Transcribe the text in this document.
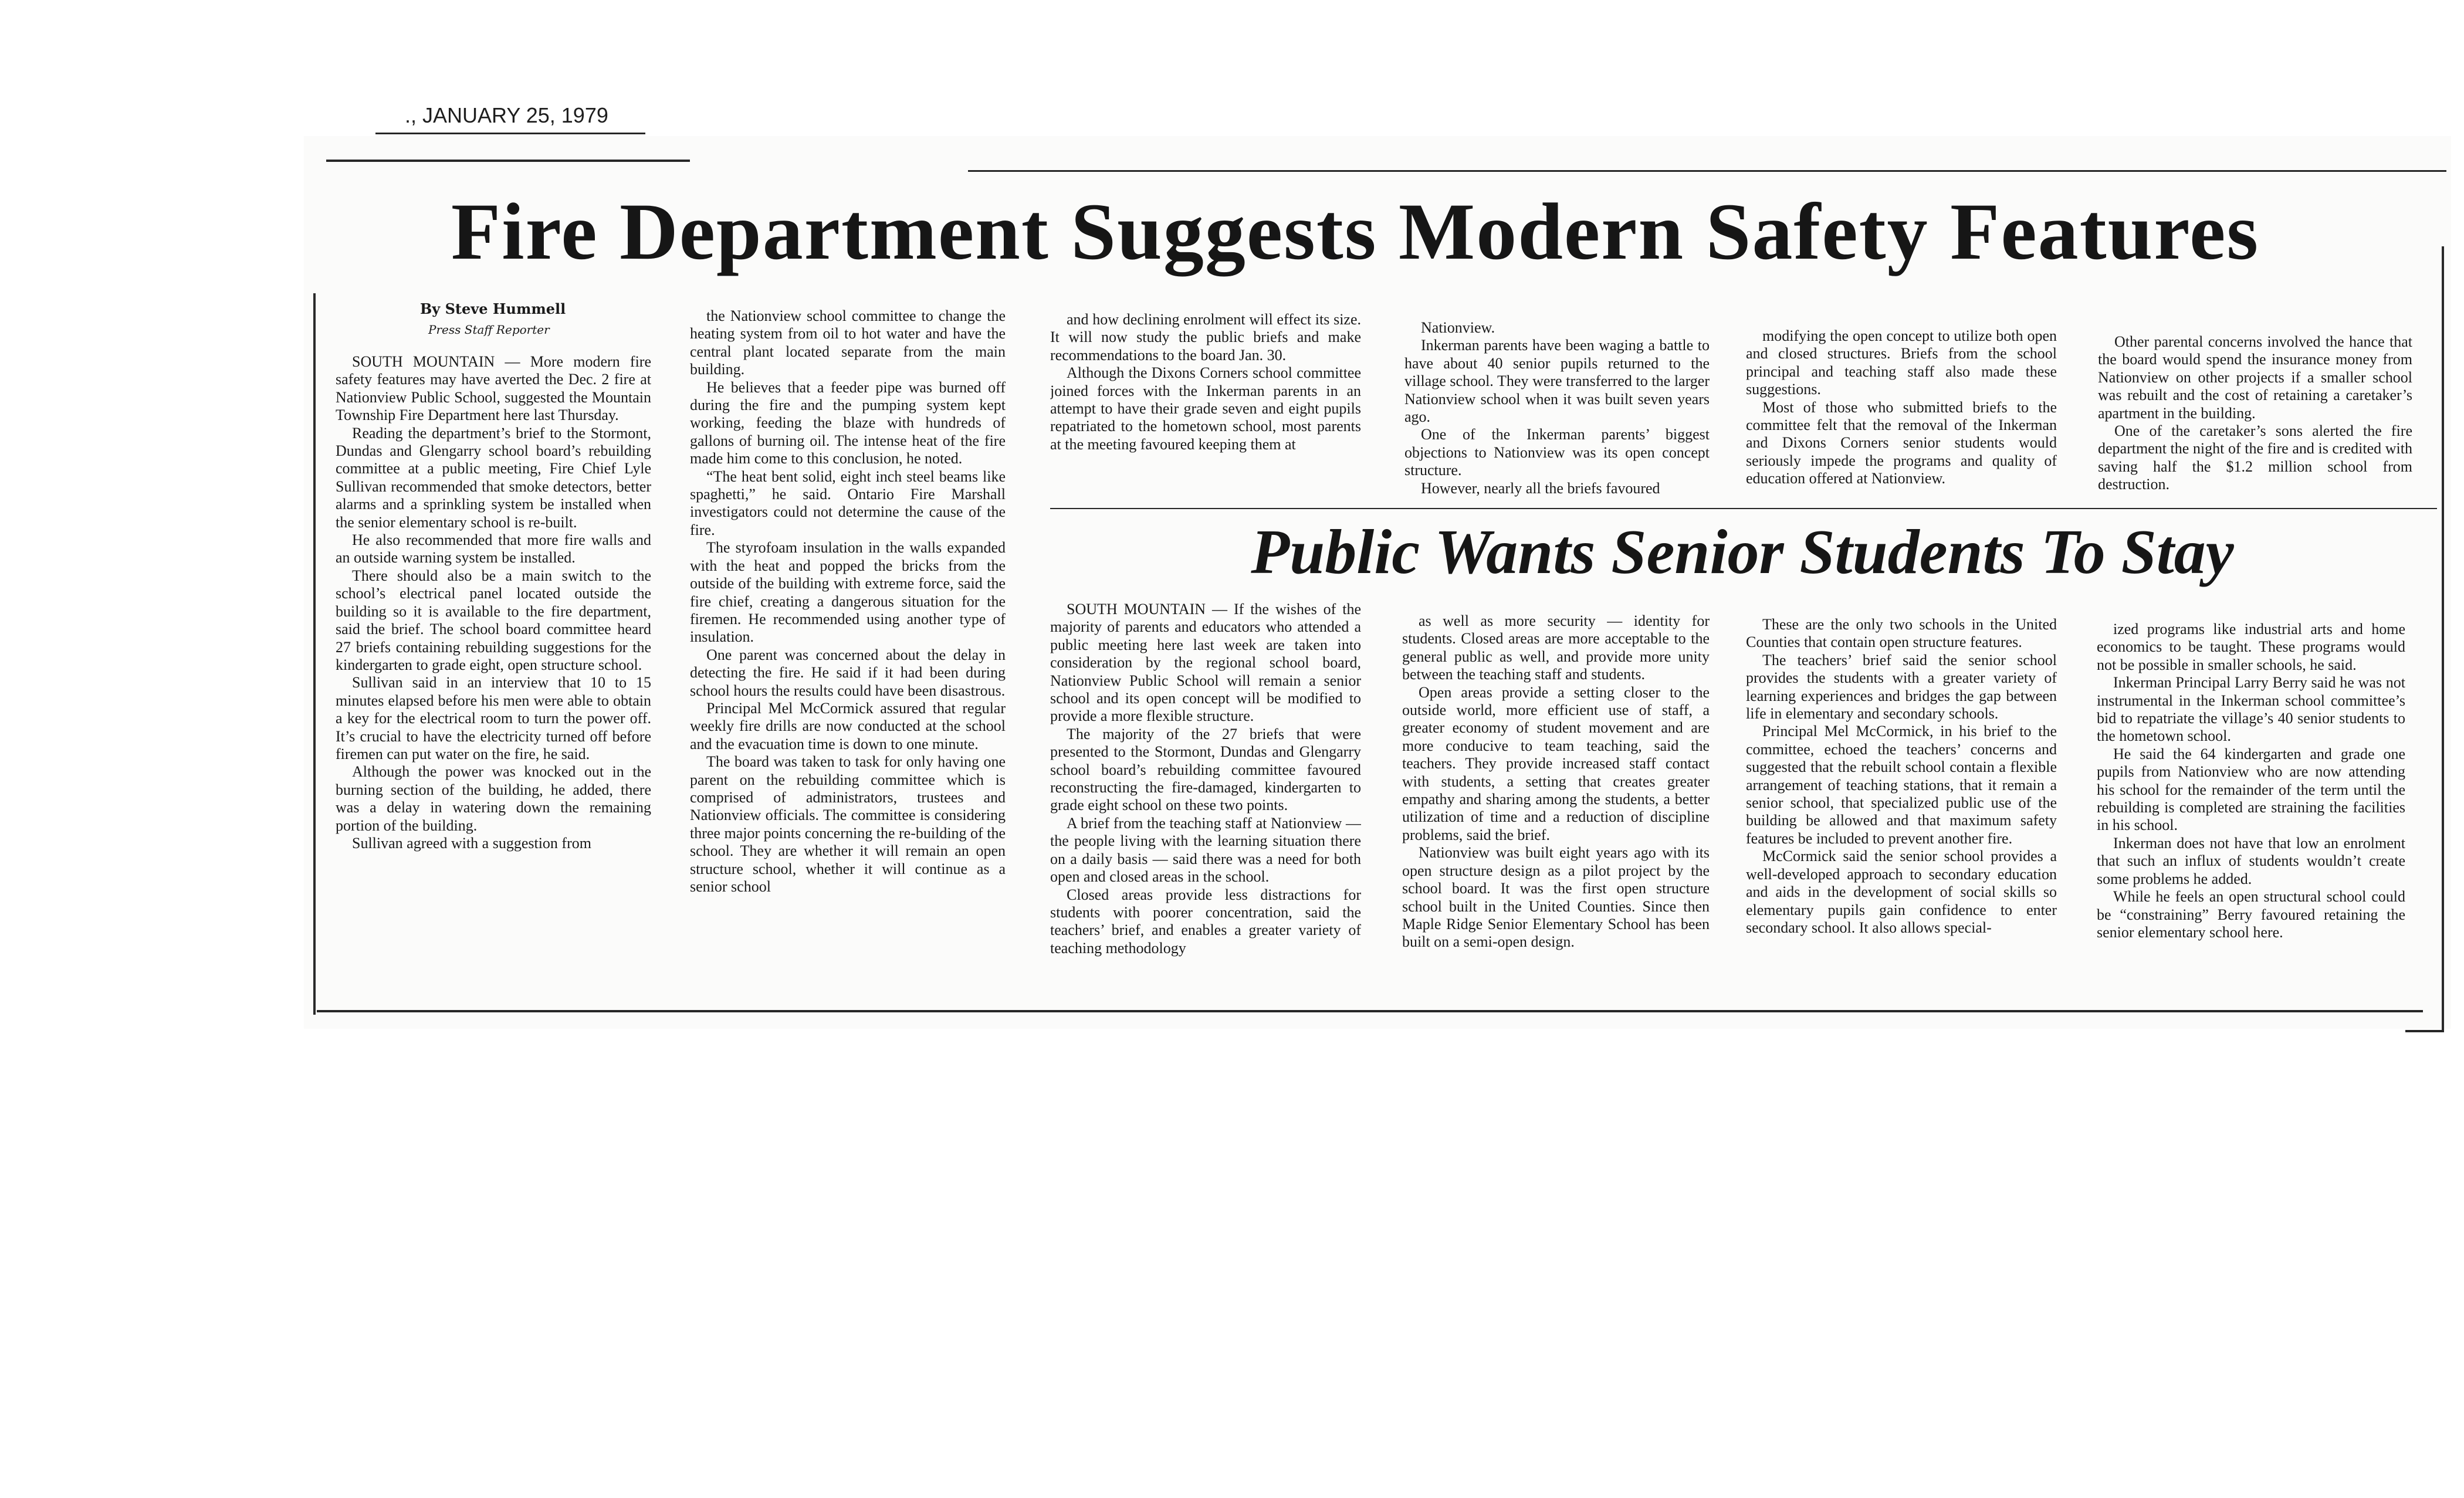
., JANUARY 25, 1979
Fire Department Suggests Modern Safety Features
By Steve Hummell
Press Staff Reporter

SOUTH MOUNTAIN — More modern fire safety features may have averted the Dec. 2 fire at Nationview Public School, suggested the Mountain Township Fire Department here last Thursday.

Reading the department’s brief to the Stormont, Dundas and Glengarry school board’s rebuilding committee at a public meeting, Fire Chief Lyle Sullivan recommended that smoke detectors, better alarms and a sprinkling system be installed when the senior elementary school is re-built.

He also recommended that more fire walls and an outside warning system be installed.

There should also be a main switch to the school’s electrical panel located outside the building so it is available to the fire department, said the brief. The school board committee heard 27 briefs containing rebuilding suggestions for the kindergarten to grade eight, open structure school.

Sullivan said in an interview that 10 to 15 minutes elapsed before his men were able to obtain a key for the electrical room to turn the power off. It’s crucial to have the electricity turned off before firemen can put water on the fire, he said.

Although the power was knocked out in the burning section of the building, he added, there was a delay in watering down the remaining portion of the building.

Sullivan agreed with a suggestion from

the Nationview school committee to change the heating system from oil to hot water and have the central plant located separate from the main building.

He believes that a feeder pipe was burned off during the fire and the pumping system kept working, feeding the blaze with hundreds of gallons of burning oil. The intense heat of the fire made him come to this conclusion, he noted.

“The heat bent solid, eight inch steel beams like spaghetti,” he said. Ontario Fire Marshall investigators could not determine the cause of the fire.

The styrofoam insulation in the walls expanded with the heat and popped the bricks from the outside of the building with extreme force, said the fire chief, creating a dangerous situation for the firemen. He recommended using another type of insulation.

One parent was concerned about the delay in detecting the fire. He said if it had been during school hours the results could have been disastrous.

Principal Mel McCormick assured that regular weekly fire drills are now conducted at the school and the evacuation time is down to one minute.

The board was taken to task for only having one parent on the rebuilding committee which is comprised of administrators, trustees and Nationview officials. The committee is considering three major points concerning the re-building of the school. They are whether it will remain an open structure school, whether it will continue as a senior school

and how declining enrolment will effect its size. It will now study the public briefs and make recommendations to the board Jan. 30.

Although the Dixons Corners school committee joined forces with the Inkerman parents in an attempt to have their grade seven and eight pupils repatriated to the hometown school, most parents at the meeting favoured keeping them at

Nationview.

Inkerman parents have been waging a battle to have about 40 senior pupils returned to the village school. They were transferred to the larger Nationview school when it was built seven years ago.

One of the Inkerman parents’ biggest objections to Nationview was its open concept structure.

However, nearly all the briefs favoured

modifying the open concept to utilize both open and closed structures. Briefs from the school principal and teaching staff also made these suggestions.

Most of those who submitted briefs to the committee felt that the removal of the Inkerman and Dixons Corners senior students would seriously impede the programs and quality of education offered at Nationview.

Other parental concerns involved the hance that the board would spend the insurance money from Nationview on other projects if a smaller school was rebuilt and the cost of retaining a caretaker’s apartment in the building.

One of the caretaker’s sons alerted the fire department the night of the fire and is credited with saving half the $1.2 million school from destruction.

Public Wants Senior Students To Stay

SOUTH MOUNTAIN — If the wishes of the majority of parents and educators who attended a public meeting here last week are taken into consideration by the regional school board, Nationview Public School will remain a senior school and its open concept will be modified to provide a more flexible structure.

The majority of the 27 briefs that were presented to the Stormont, Dundas and Glengarry school board’s rebuilding committee favoured reconstructing the fire-damaged, kindergarten to grade eight school on these two points.

A brief from the teaching staff at Nationview — the people living with the learning situation there on a daily basis — said there was a need for both open and closed areas in the school.

Closed areas provide less distractions for students with poorer concentration, said the teachers’ brief, and enables a greater variety of teaching methodology

as well as more security — identity for students. Closed areas are more acceptable to the general public as well, and provide more unity between the teaching staff and students.

Open areas provide a setting closer to the outside world, more efficient use of staff, a greater economy of student movement and are more conducive to team teaching, said the teachers. They provide increased staff contact with students, a setting that creates greater empathy and sharing among the students, a better utilization of time and a reduction of discipline problems, said the brief.

Nationview was built eight years ago with its open structure design as a pilot project by the school board. It was the first open structure school built in the United Counties. Since then Maple Ridge Senior Elementary School has been built on a semi-open design.

These are the only two schools in the United Counties that contain open structure features.

The teachers’ brief said the senior school provides the students with a greater variety of learning experiences and bridges the gap between life in elementary and secondary schools.

Principal Mel McCormick, in his brief to the committee, echoed the teachers’ concerns and suggested that the rebuilt school contain a flexible arrangement of teaching stations, that it remain a senior school, that specialized public use of the building be allowed and that maximum safety features be included to prevent another fire.

McCormick said the senior school provides a well-developed approach to secondary education and aids in the development of social skills so elementary pupils gain confidence to enter secondary school. It also allows special-

ized programs like industrial arts and home economics to be taught. These programs would not be possible in smaller schools, he said.

Inkerman Principal Larry Berry said he was not instrumental in the Inkerman school committee’s bid to repatriate the village’s 40 senior students to the hometown school.

He said the 64 kindergarten and grade one pupils from Nationview who are now attending his school for the remainder of the term until the rebuilding is completed are straining the facilities in his school.

Inkerman does not have that low an enrolment that such an influx of students wouldn’t create some problems he added.

While he feels an open structural school could be “constraining” Berry favoured retaining the senior elementary school here.
